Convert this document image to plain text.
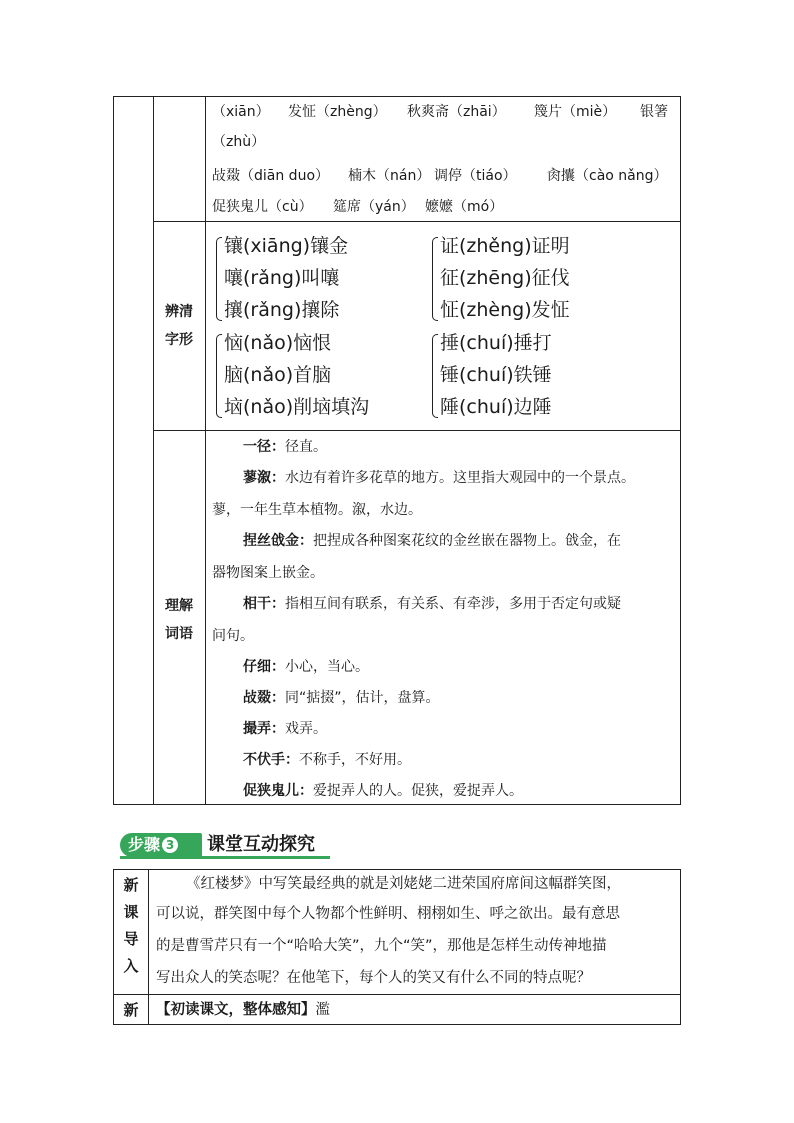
（xiān） 发怔（zhèng） 秋爽斋（zhāi） 篾片（miè） 银箸
（zhù）
敁敠（diān duo） 楠木（nán） 调停（tiáo） 肏攮（cào nǎng）
促狭鬼儿（cù） 筵席（yán） 嬷嬷（mó）
辨清
字形
镶(xiāng)镶金
嚷(rǎng)叫嚷
攘(rǎng)攘除
证(zhěng)证明
征(zhēng)征伐
怔(zhèng)发怔
恼(nǎo)恼恨
脑(nǎo)首脑
垴(nǎo)削垴填沟
捶(chuí)捶打
锤(chuí)铁锤
陲(chuí)边陲
理解
词语
一径：径直。
蓼溆：水边有着许多花草的地方。这里指大观园中的一个景点。
蓼，一年生草本植物。溆，水边。
捏丝戗金：把捏成各种图案花纹的金丝嵌在器物上。戗金，在
器物图案上嵌金。
相干：指相互间有联系，有关系、有牵涉，多用于否定句或疑
问句。
仔细：小心，当心。
敁敠：同“掂掇”，估计，盘算。
撮弄：戏弄。
不伏手：不称手，不好用。
促狭鬼儿：爱捉弄人的人。促狭，爱捉弄人。
步骤 3	课堂互动探究
新
课
导
入
《红楼梦》中写笑最经典的就是刘姥姥二进荣国府席间这幅群笑图，
可以说，群笑图中每个人物都个性鲜明、栩栩如生、呼之欲出。最有意思
的是曹雪芹只有一个“哈哈大笑”，九个“笑”，那他是怎样生动传神地描
写出众人的笑态呢？在他笔下，每个人的笑又有什么不同的特点呢？
新	【初读课文，整体感知】濫
